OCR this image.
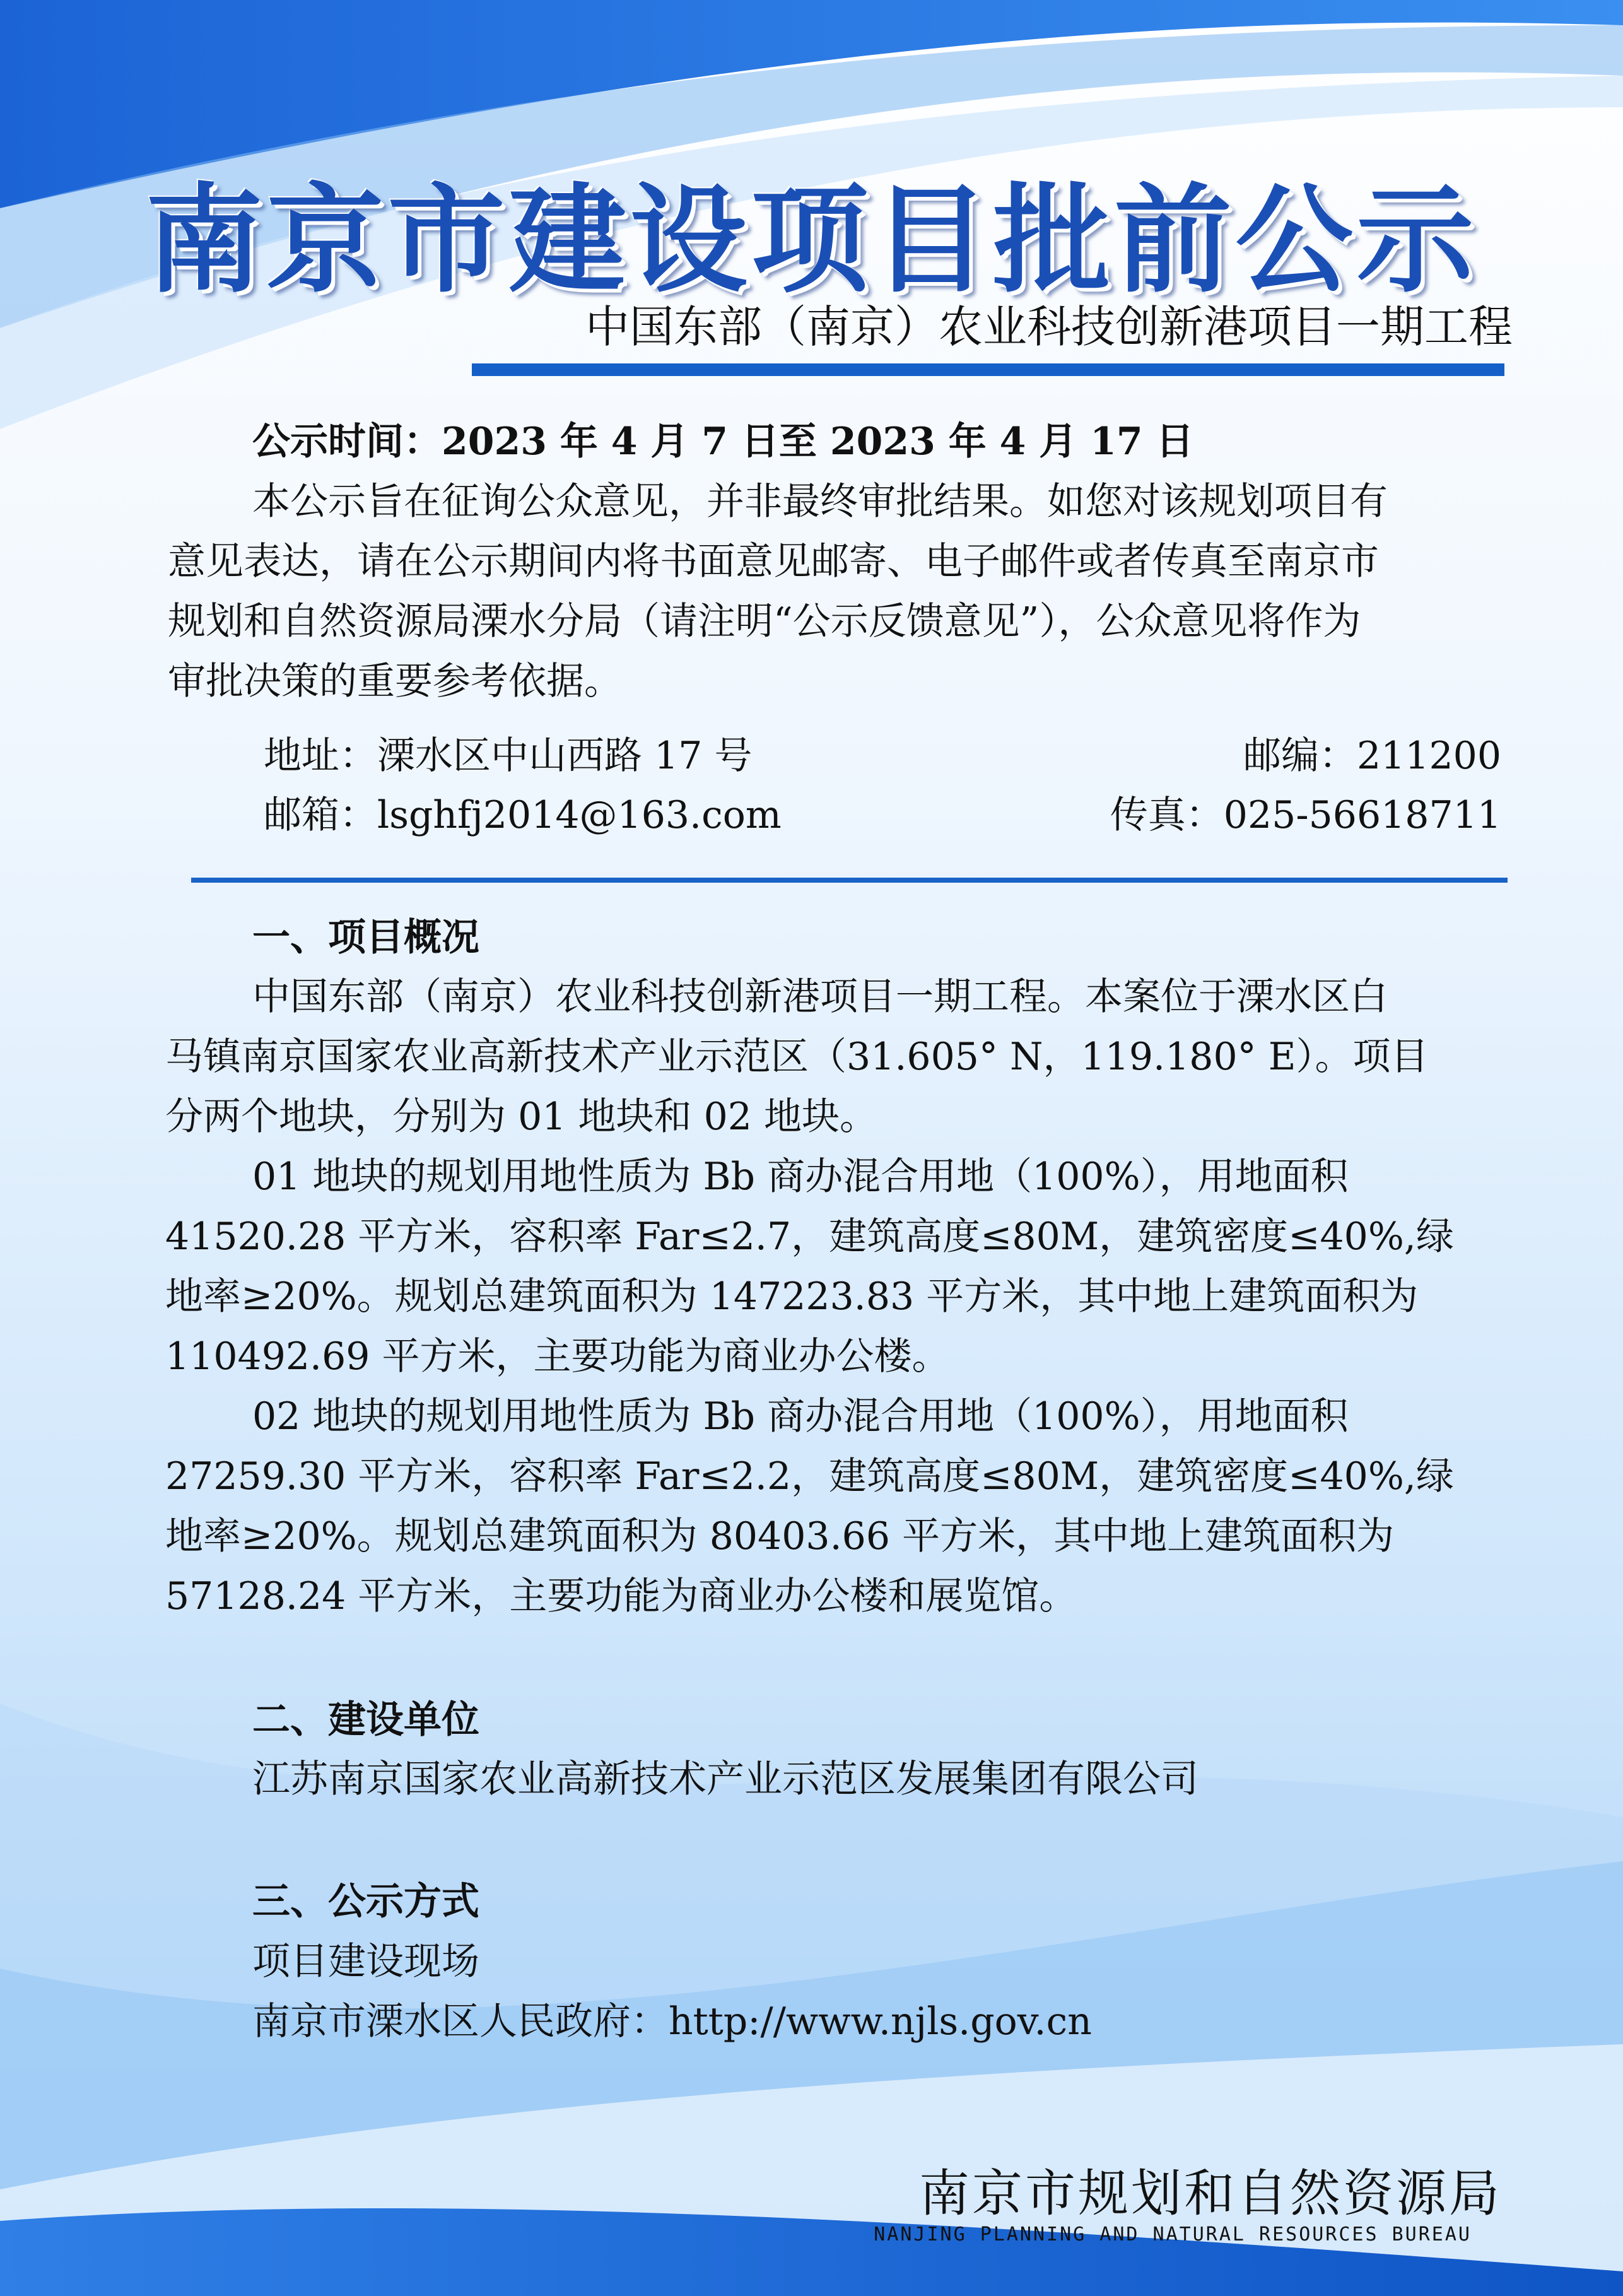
南京市建设项目批前公示
中国东部（南京）农业科技创新港项目一期工程
公示时间：2023 年 4 月 7 日至 2023 年 4 月 17 日
本公示旨在征询公众意见，并非最终审批结果。如您对该规划项目有
意见表达，请在公示期间内将书面意见邮寄、电子邮件或者传真至南京市
规划和自然资源局溧水分局（请注明“公示反馈意见”），公众意见将作为
审批决策的重要参考依据。
地址：溧水区中山西路 17 号	邮编：211200
邮箱：lsghfj2014@163.com	传真：025-56618711
一、项目概况
中国东部（南京）农业科技创新港项目一期工程。本案位于溧水区白
马镇南京国家农业高新技术产业示范区（31.605° N，119.180° E）。项目
分两个地块，分别为 01 地块和 02 地块。
01 地块的规划用地性质为 Bb 商办混合用地（100%），用地面积
41520.28 平方米，容积率 Far≤2.7，建筑高度≤80M，建筑密度≤40%,绿
地率≥20%。规划总建筑面积为 147223.83 平方米，其中地上建筑面积为
110492.69 平方米，主要功能为商业办公楼。
02 地块的规划用地性质为 Bb 商办混合用地（100%），用地面积
27259.30 平方米，容积率 Far≤2.2，建筑高度≤80M，建筑密度≤40%,绿
地率≥20%。规划总建筑面积为 80403.66 平方米，其中地上建筑面积为
57128.24 平方米，主要功能为商业办公楼和展览馆。
二、建设单位
江苏南京国家农业高新技术产业示范区发展集团有限公司
三、公示方式
项目建设现场
南京市溧水区人民政府：http://www.njls.gov.cn
南京市规划和自然资源局
NANJING PLANNING AND NATURAL RESOURCES BUREAU
